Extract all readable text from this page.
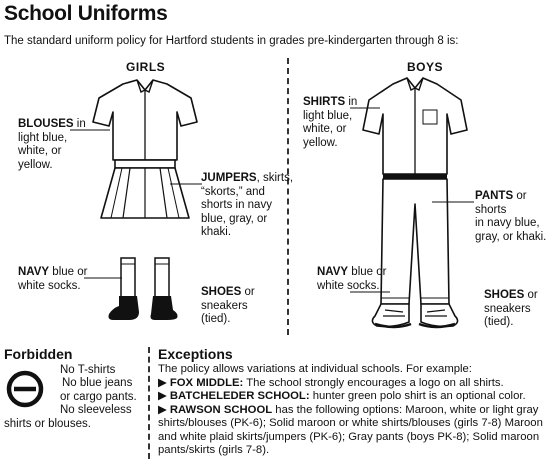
School Uniforms
The standard uniform policy for Hartford students in grades pre-kindergarten through 8 is:
GIRLS
BLOUSES in
light blue,
white, or
yellow.
JUMPERS, skirts,
“skorts,” and
shorts in navy
blue, gray, or
khaki.
NAVY blue or
white socks.
SHOES or
sneakers
(tied).
BOYS
SHIRTS in
light blue,
white, or
yellow.
PANTS or shorts
in navy blue,
gray, or khaki.
NAVY blue or
white socks.
SHOES or
sneakers
(tied).
Forbidden
No T-shirts
No blue jeans
or cargo pants.
No sleeveless
shirts or blouses.
Exceptions
The policy allows variations at individual schools. For example:
▶ FOX MIDDLE: The school strongly encourages a logo on all shirts.
▶ BATCHELEDER SCHOOL: hunter green polo shirt is an optional color.
▶ RAWSON SCHOOL has the following options: Maroon, white or light gray
shirts/blouses (PK-6); Solid maroon or white shirts/blouses (girls 7-8) Maroon
and white plaid skirts/jumpers (PK-6); Gray pants (boys PK-8); Solid maroon
pants/skirts (girls 7-8).
